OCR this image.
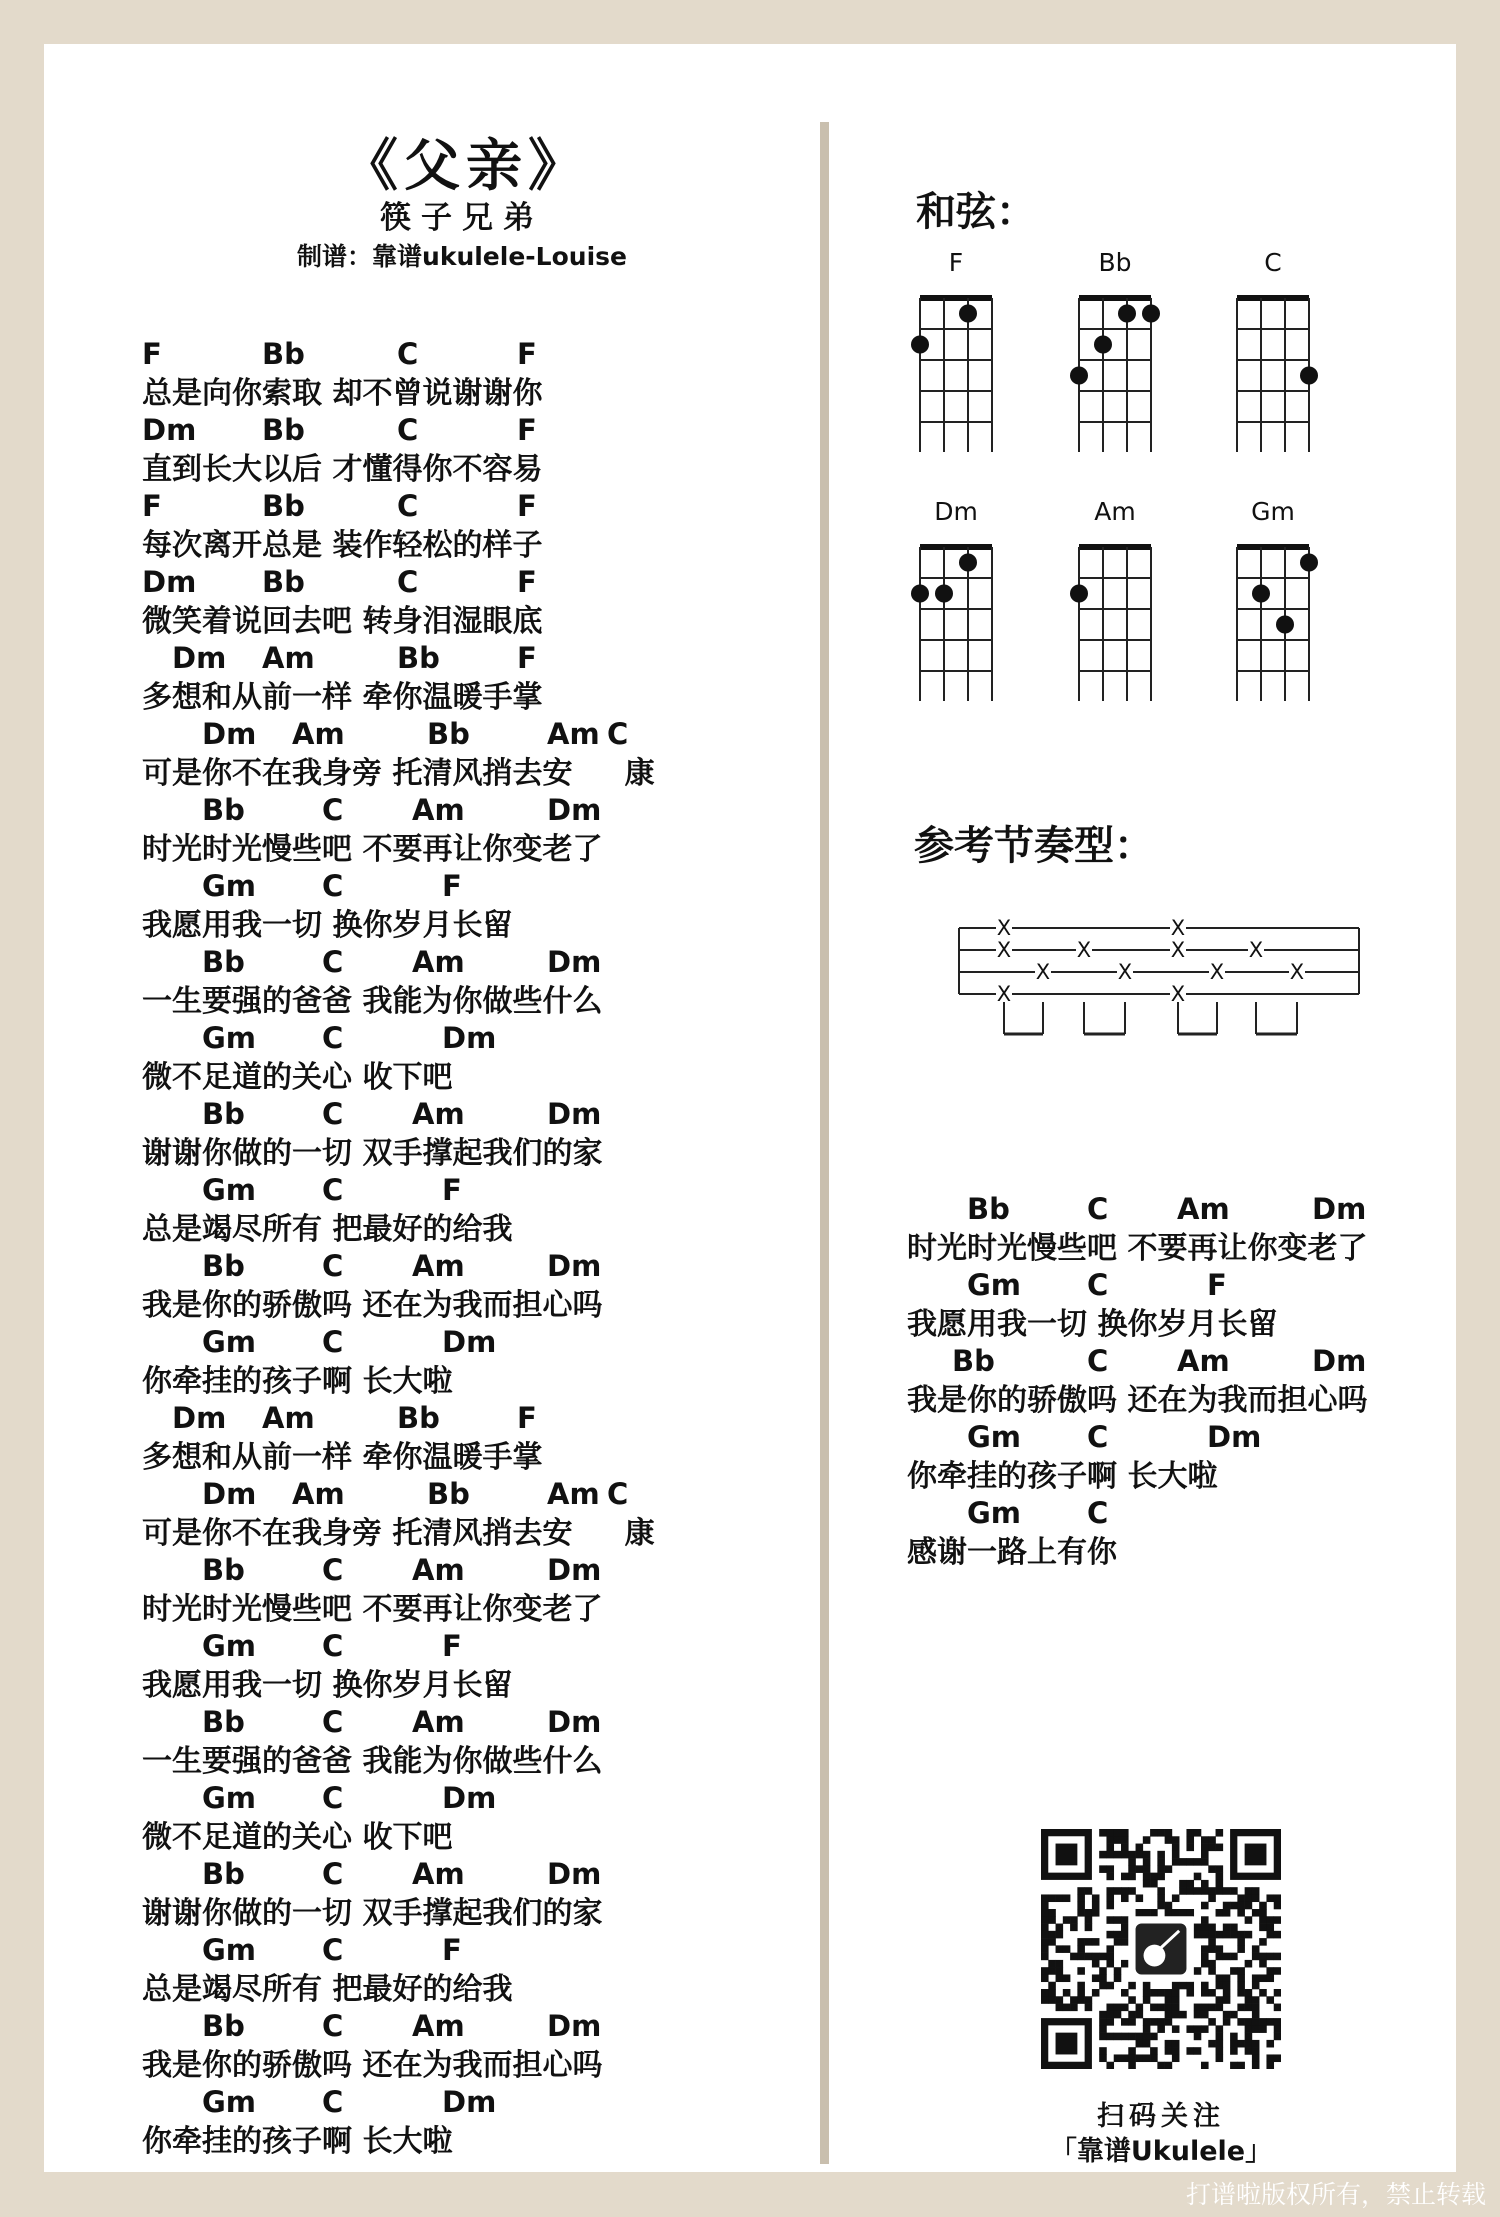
《父亲》
筷子兄弟
制谱：靠谱ukulele-Louise
F	Bb	C	F
总是向你索取 却不曾说谢谢你
Dm Bb	C	F
直到长大以后 才懂得你不容易
F	Bb	C	F
每次离开总是 装作轻松的样子
Dm Bb	C	F
微笑着说回去吧 转身泪湿眼底
Dm Am	Bb	F
多想和从前一样 牵你温暖手掌
Dm Am	Bb	Am C
可是你不在我身旁 托清风捎去安     康
Bb	C Am	Dm
时光时光慢些吧 不要再让你变老了
Gm C	F
我愿用我一切 换你岁月长留
Bb	C Am	Dm
一生要强的爸爸 我能为你做些什么
Gm C	Dm
微不足道的关心 收下吧
Bb	C Am	Dm
谢谢你做的一切 双手撑起我们的家
Gm C	F
总是竭尽所有 把最好的给我
Bb	C Am	Dm
我是你的骄傲吗 还在为我而担心吗
Gm C	Dm
你牵挂的孩子啊 长大啦
Dm Am	Bb	F
多想和从前一样 牵你温暖手掌
Dm Am	Bb	Am C
可是你不在我身旁 托清风捎去安     康
Bb	C Am	Dm
时光时光慢些吧 不要再让你变老了
Gm C	F
我愿用我一切 换你岁月长留
Bb	C Am	Dm
一生要强的爸爸 我能为你做些什么
Gm C	Dm
微不足道的关心 收下吧
Bb	C Am	Dm
谢谢你做的一切 双手撑起我们的家
Gm C	F
总是竭尽所有 把最好的给我
Bb	C Am	Dm
我是你的骄傲吗 还在为我而担心吗
Gm C	Dm
你牵挂的孩子啊 长大啦
和弦：
F	Bb	C
Dm	Am	Gm
参考节奏型：
X
X
X
X
X
X
X
X
X
X
X
X
Bb	C Am	Dm
时光时光慢些吧 不要再让你变老了
Gm C	F
我愿用我一切 换你岁月长留
Bb	C Am	Dm
我是你的骄傲吗 还在为我而担心吗
Gm C	Dm
你牵挂的孩子啊 长大啦
Gm C
感谢一路上有你
扫码关注
「靠谱Ukulele」
打谱啦版权所有，禁止转载
